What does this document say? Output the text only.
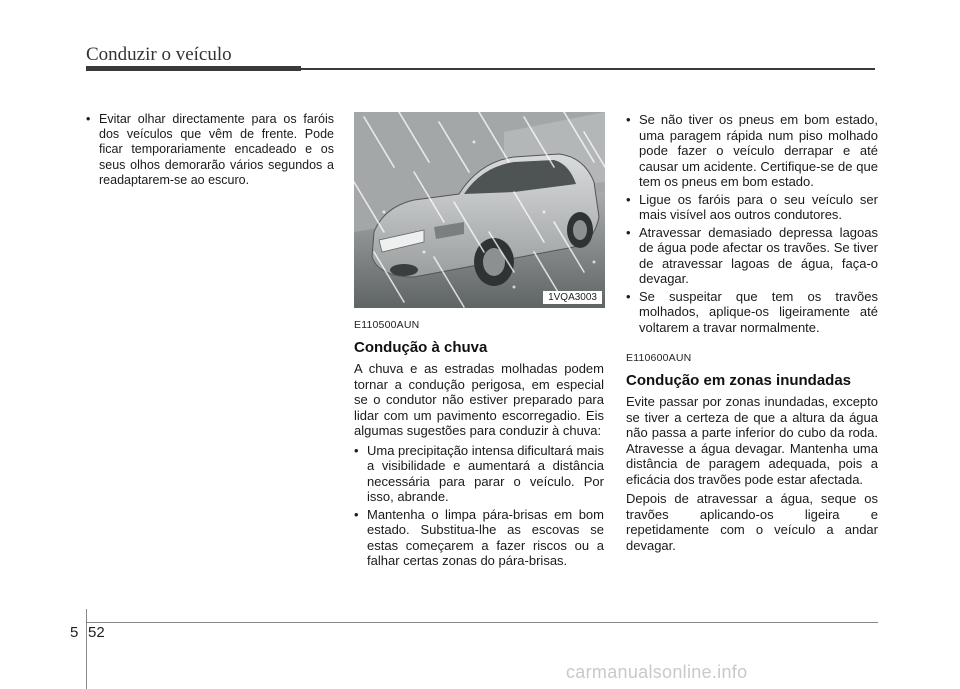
Conduzir o veículo
• Evitar olhar directamente para os faróis dos veículos que vêm de frente. Pode ficar temporariamente encadeado e os seus olhos demorarão vários segundos a readaptarem-se ao escuro.
1VQA3003
E110500AUN
Condução à chuva
A chuva e as estradas molhadas podem tornar a condução perigosa, em especial se o condutor não estiver preparado para lidar com um pavimento escorregadio. Eis algumas sugestões para conduzir à chuva:
• Uma precipitação intensa dificultará mais a visibilidade e aumentará a distância necessária para parar o veículo. Por isso, abrande.
• Mantenha o limpa pára-brisas em bom estado. Substitua-lhe as escovas se estas começarem a fazer riscos ou a falhar certas zonas do pára-brisas.
• Se não tiver os pneus em bom estado, uma paragem rápida num piso molhado pode fazer o veículo derrapar e até causar um acidente. Certifique-se de que tem os pneus em bom estado.
• Ligue os faróis para o seu veículo ser mais visível aos outros condutores.
• Atravessar demasiado depressa lagoas de água pode afectar os travões. Se tiver de atravessar lagoas de água, faça-o devagar.
• Se suspeitar que tem os travões molhados, aplique-os ligeiramente até voltarem a travar normalmente.
E110600AUN
Condução em zonas inundadas
Evite passar por zonas inundadas, excepto se tiver a certeza de que a altura da água não passa a parte inferior do cubo da roda. Atravesse a água devagar. Mantenha uma distância de paragem adequada, pois a eficácia dos travões pode estar afectada.
Depois de atravessar a água, seque os travões aplicando-os ligeira e repetidamente com o veículo a andar devagar.
5 52
carmanualsonline.info
